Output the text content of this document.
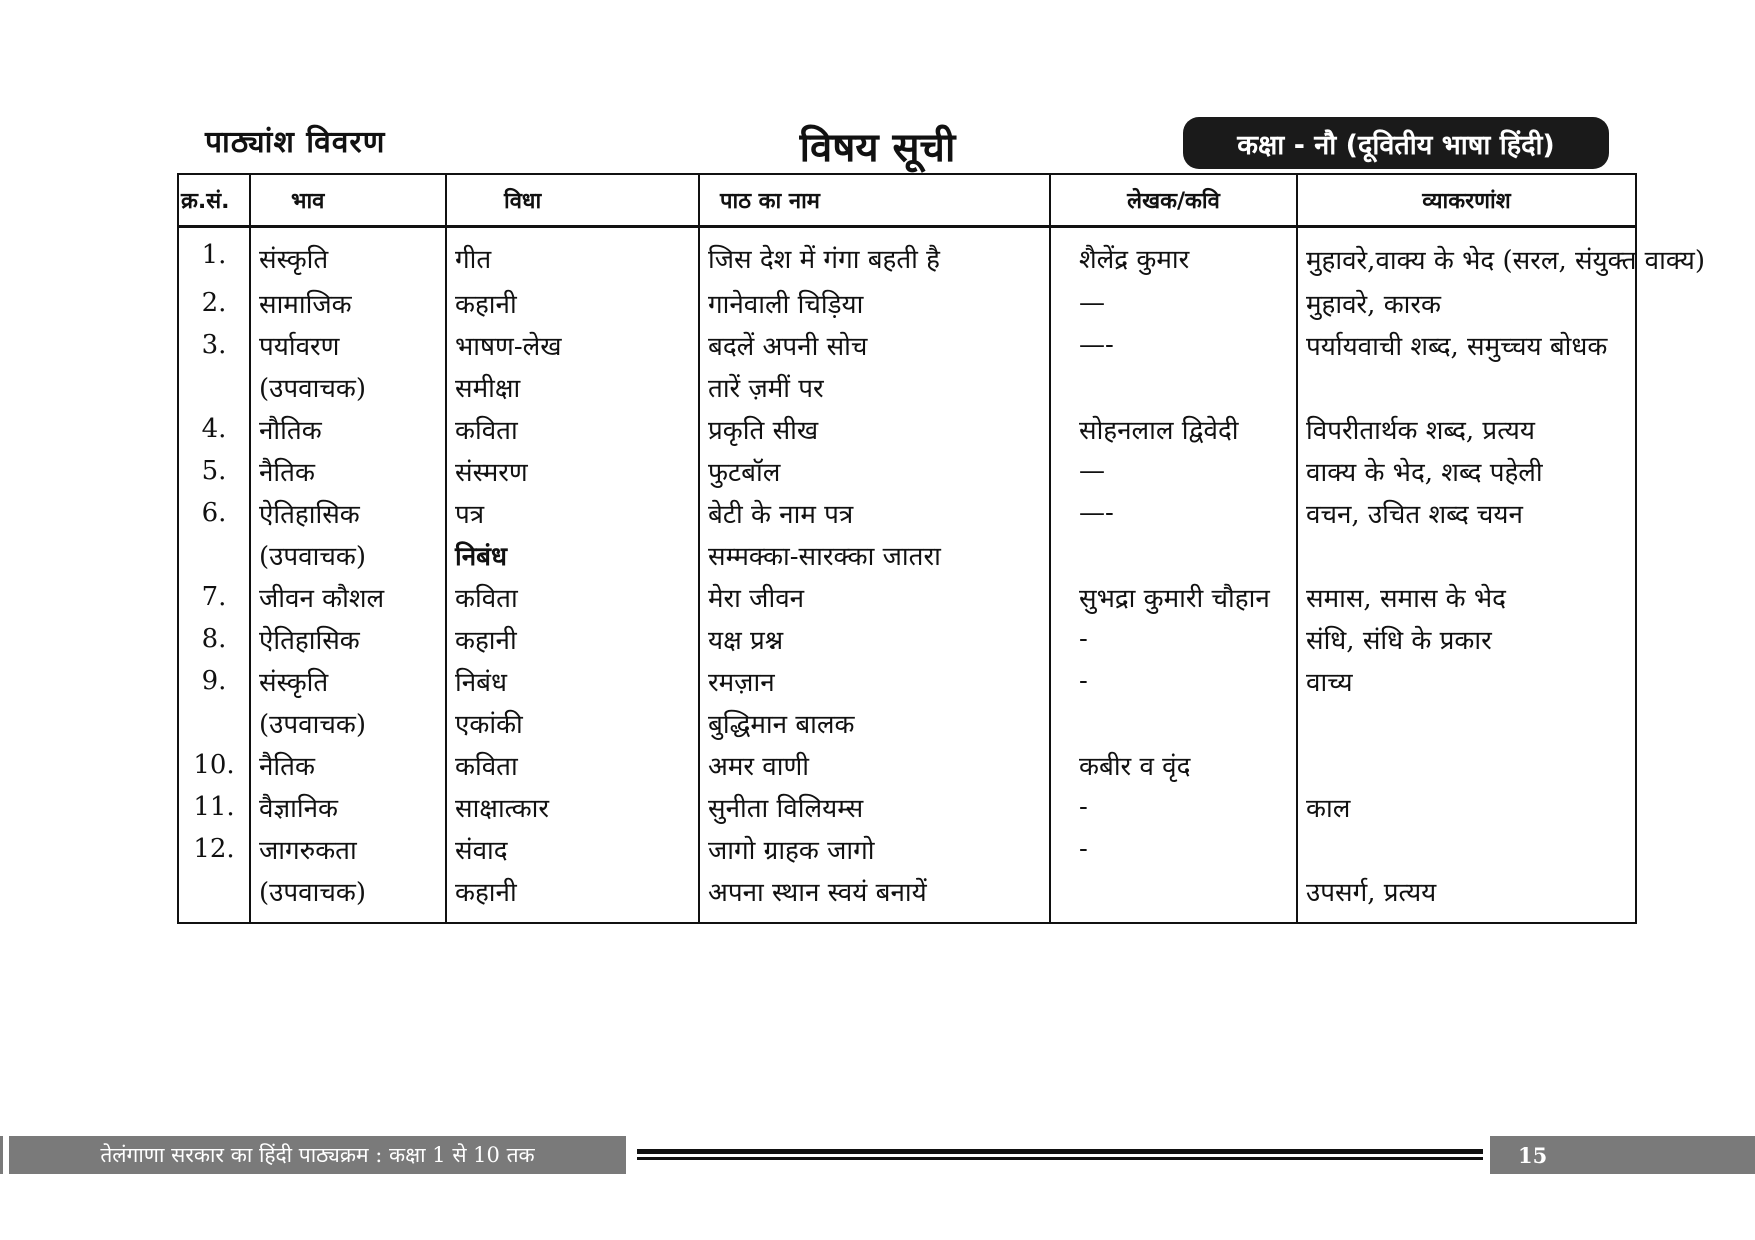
पाठ्यांश विवरण	विषय सूची	कक्षा - नौ (दूवितीय भाषा हिंदी)
क्र.सं.	भाव	विधा	पाठ का नाम	लेखक/कवि	व्याकरणांश
1.	संस्कृति	गीत	जिस देश में गंगा बहती है	शैलेंद्र कुमार	मुहावरे,वाक्य के भेद (सरल, संयुक्त वाक्य)
2.	सामाजिक	कहानी	गानेवाली चिड़िया	—	मुहावरे, कारक
3.	पर्यावरण	भाषण-लेख	बदलें अपनी सोच	—-	पर्यायवाची शब्द, समुच्चय बोधक
	(उपवाचक)	समीक्षा	तारें ज़मीं पर		
4.	नौतिक	कविता	प्रकृति सीख	सोहनलाल द्विवेदी	विपरीतार्थक शब्द, प्रत्यय
5.	नैतिक	संस्मरण	फुटबॉल	—	वाक्य के भेद, शब्द पहेली
6.	ऐतिहासिक	पत्र	बेटी के नाम पत्र	—-	वचन, उचित शब्द चयन
	(उपवाचक)	निबंध	सम्मक्का-सारक्का जातरा		
7.	जीवन कौशल	कविता	मेरा जीवन	सुभद्रा कुमारी चौहान	समास, समास के भेद
8.	ऐतिहासिक	कहानी	यक्ष प्रश्न	-	संधि, संधि के प्रकार
9.	संस्कृति	निबंध	रमज़ान	-	वाच्य
	(उपवाचक)	एकांकी	बुद्धिमान बालक		
10.	नैतिक	कविता	अमर वाणी	कबीर व वृंद	
11.	वैज्ञानिक	साक्षात्कार	सुनीता विलियम्स	-	काल
12.	जागरुकता	संवाद	जागो ग्राहक जागो	-	
	(उपवाचक)	कहानी	अपना स्थान स्वयं बनायें		उपसर्ग, प्रत्यय
तेलंगाणा सरकार का हिंदी पाठ्यक्रम : कक्षा 1 से 10 तक	15
